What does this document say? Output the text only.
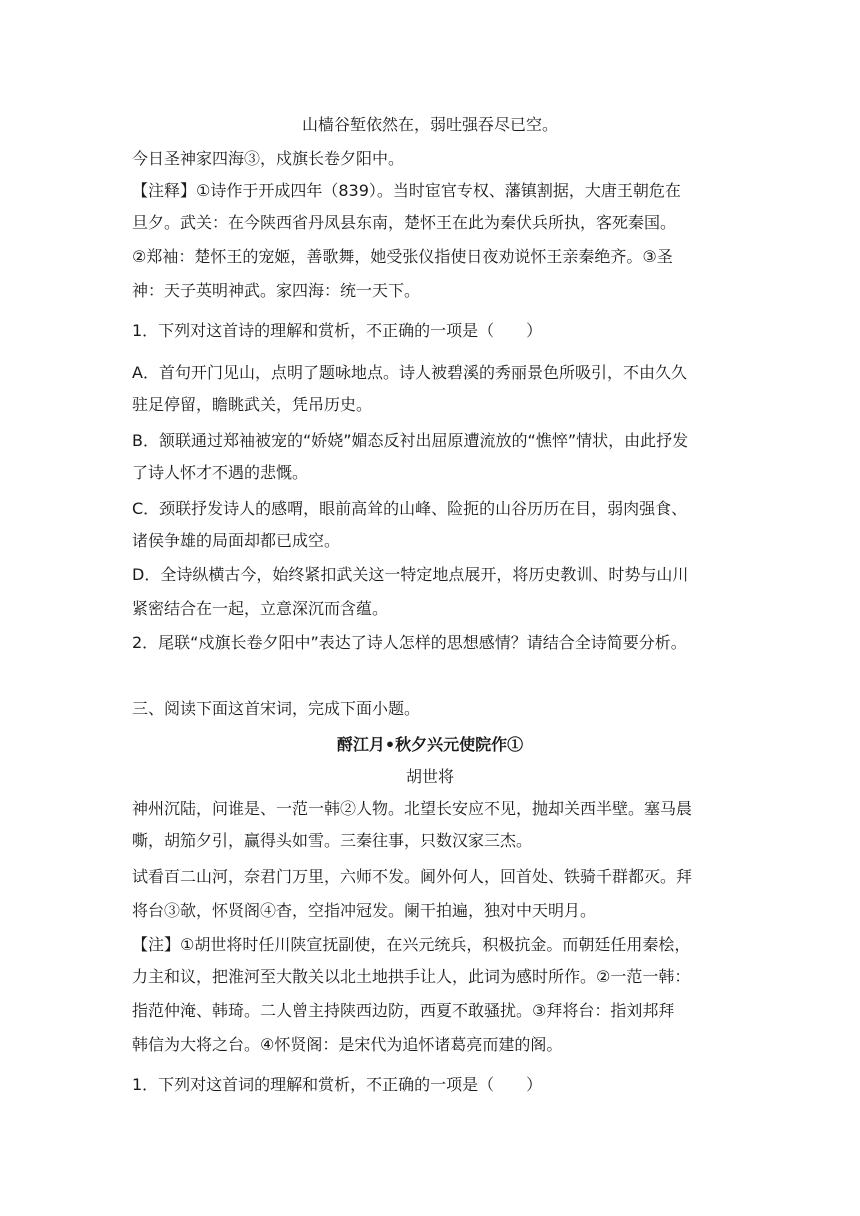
山樯谷堑依然在，弱吐强吞尽已空。
今日圣神家四海③，戍旗长卷夕阳中。
【注释】①诗作于开成四年（839）。当时宦官专权、藩镇割据，大唐王朝危在
旦夕。武关：在今陕西省丹凤县东南，楚怀王在此为秦伏兵所执，客死秦国。
②郑袖：楚怀王的宠姬，善歌舞，她受张仪指使日夜劝说怀王亲秦绝齐。③圣
神：天子英明神武。家四海：统一天下。
1．下列对这首诗的理解和赏析，不正确的一项是（　　）
A．首句开门见山，点明了题咏地点。诗人被碧溪的秀丽景色所吸引，不由久久
驻足停留，瞻眺武关，凭吊历史。
B．颔联通过郑袖被宠的“娇娆”媚态反衬出屈原遭流放的“憔悴”情状，由此抒发
了诗人怀才不遇的悲慨。
C．颈联抒发诗人的感喟，眼前高耸的山峰、险扼的山谷历历在目，弱肉强食、
诸侯争雄的局面却都已成空。
D．全诗纵横古今，始终紧扣武关这一特定地点展开，将历史教训、时势与山川
紧密结合在一起，立意深沉而含蕴。
2．尾联“戍旗长卷夕阳中”表达了诗人怎样的思想感情？请结合全诗简要分析。
三、阅读下面这首宋词，完成下面小题。
酹江月•秋夕兴元使院作①
胡世将
神州沉陆，问谁是、一范一韩②人物。北望长安应不见，抛却关西半壁。塞马晨
嘶，胡笳夕引，赢得头如雪。三秦往事，只数汉家三杰。
试看百二山河，奈君门万里，六师不发。阃外何人，回首处、铁骑千群都灭。拜
将台③欹，怀贤阁④杳，空指冲冠发。阑干拍遍，独对中天明月。
【注】①胡世将时任川陕宣抚副使，在兴元统兵，积极抗金。而朝廷任用秦桧，
力主和议，把淮河至大散关以北土地拱手让人，此词为感时所作。②一范一韩：
指范仲淹、韩琦。二人曾主持陕西边防，西夏不敢骚扰。③拜将台：指刘邦拜
韩信为大将之台。④怀贤阁：是宋代为追怀诸葛亮而建的阁。
1．下列对这首词的理解和赏析，不正确的一项是（　　）
